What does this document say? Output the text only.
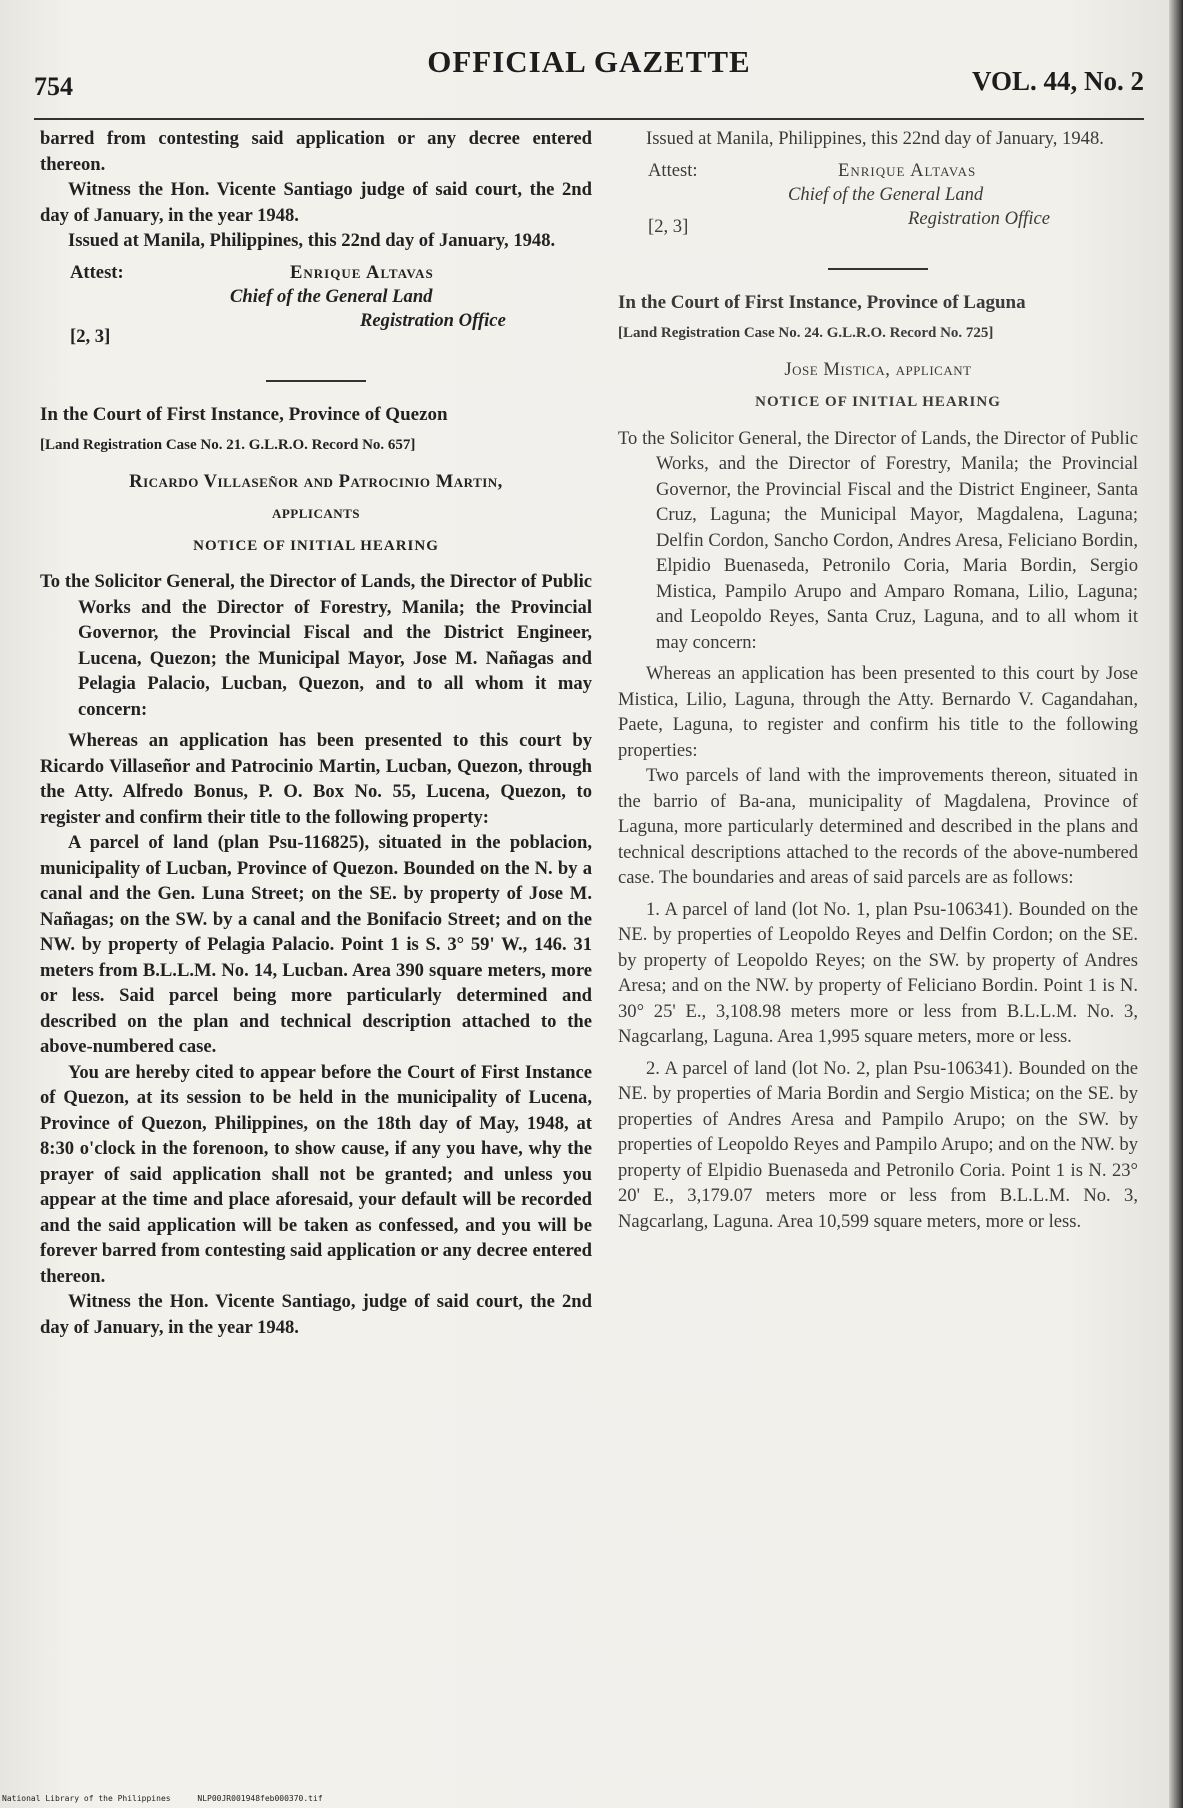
754
OFFICIAL GAZETTE
VOL. 44, No. 2

barred from contesting said application or any decree entered thereon.

Witness the Hon. Vicente Santiago judge of said court, the 2nd day of January, in the year 1948.

Issued at Manila, Philippines, this 22nd day of January, 1948.

Attest:	Enrique Altavas
Chief of the General Land
Registration Office
[2, 3]

In the Court of First Instance, Province of Quezon

[Land Registration Case No. 21. G.L.R.O. Record No. 657]

Ricardo Villaseñor and Patrocinio Martin,

applicants

NOTICE OF INITIAL HEARING

To the Solicitor General, the Director of Lands, the Director of Public Works and the Director of Forestry, Manila; the Provincial Governor, the Provincial Fiscal and the District Engineer, Lucena, Quezon; the Municipal Mayor, Jose M. Nañagas and Pelagia Palacio, Lucban, Quezon, and to all whom it may concern:

Whereas an application has been presented to this court by Ricardo Villaseñor and Patrocinio Martin, Lucban, Quezon, through the Atty. Alfredo Bonus, P. O. Box No. 55, Lucena, Quezon, to register and confirm their title to the following property:

A parcel of land (plan Psu-116825), situated in the poblacion, municipality of Lucban, Province of Quezon. Bounded on the N. by a canal and the Gen. Luna Street; on the SE. by property of Jose M. Nañagas; on the SW. by a canal and the Bonifacio Street; and on the NW. by property of Pelagia Palacio. Point 1 is S. 3° 59' W., 146. 31 meters from B.L.L.M. No. 14, Lucban. Area 390 square meters, more or less. Said parcel being more particularly determined and described on the plan and technical description attached to the above-numbered case.

You are hereby cited to appear before the Court of First Instance of Quezon, at its session to be held in the municipality of Lucena, Province of Quezon, Philippines, on the 18th day of May, 1948, at 8:30 o'clock in the forenoon, to show cause, if any you have, why the prayer of said application shall not be granted; and unless you appear at the time and place aforesaid, your default will be recorded and the said application will be taken as confessed, and you will be forever barred from contesting said application or any decree entered thereon.

Witness the Hon. Vicente Santiago, judge of said court, the 2nd day of January, in the year 1948.

Issued at Manila, Philippines, this 22nd day of January, 1948.

Attest:	Enrique Altavas
Chief of the General Land
Registration Office
[2, 3]

In the Court of First Instance, Province of Laguna

[Land Registration Case No. 24. G.L.R.O. Record No. 725]

Jose Mistica, applicant

NOTICE OF INITIAL HEARING

To the Solicitor General, the Director of Lands, the Director of Public Works, and the Director of Forestry, Manila; the Provincial Governor, the Provincial Fiscal and the District Engineer, Santa Cruz, Laguna; the Municipal Mayor, Magdalena, Laguna; Delfin Cordon, Sancho Cordon, Andres Aresa, Feliciano Bordin, Elpidio Buenaseda, Petronilo Coria, Maria Bordin, Sergio Mistica, Pampilo Arupo and Amparo Romana, Lilio, Laguna; and Leopoldo Reyes, Santa Cruz, Laguna, and to all whom it may concern:

Whereas an application has been presented to this court by Jose Mistica, Lilio, Laguna, through the Atty. Bernardo V. Cagandahan, Paete, Laguna, to register and confirm his title to the following properties:

Two parcels of land with the improvements thereon, situated in the barrio of Ba-ana, municipality of Magdalena, Province of Laguna, more particularly determined and described in the plans and technical descriptions attached to the records of the above-numbered case. The boundaries and areas of said parcels are as follows:

1. A parcel of land (lot No. 1, plan Psu-106341). Bounded on the NE. by properties of Leopoldo Reyes and Delfin Cordon; on the SE. by property of Leopoldo Reyes; on the SW. by property of Andres Aresa; and on the NW. by property of Feliciano Bordin. Point 1 is N. 30° 25' E., 3,108.98 meters more or less from B.L.L.M. No. 3, Nagcarlang, Laguna. Area 1,995 square meters, more or less.

2. A parcel of land (lot No. 2, plan Psu-106341). Bounded on the NE. by properties of Maria Bordin and Sergio Mistica; on the SE. by properties of Andres Aresa and Pampilo Arupo; on the SW. by properties of Leopoldo Reyes and Pampilo Arupo; and on the NW. by property of Elpidio Buenaseda and Petronilo Coria. Point 1 is N. 23° 20' E., 3,179.07 meters more or less from B.L.L.M. No. 3, Nagcarlang, Laguna. Area 10,599 square meters, more or less.

National Library of the Philippines	NLP00JR001948feb000370.tif
